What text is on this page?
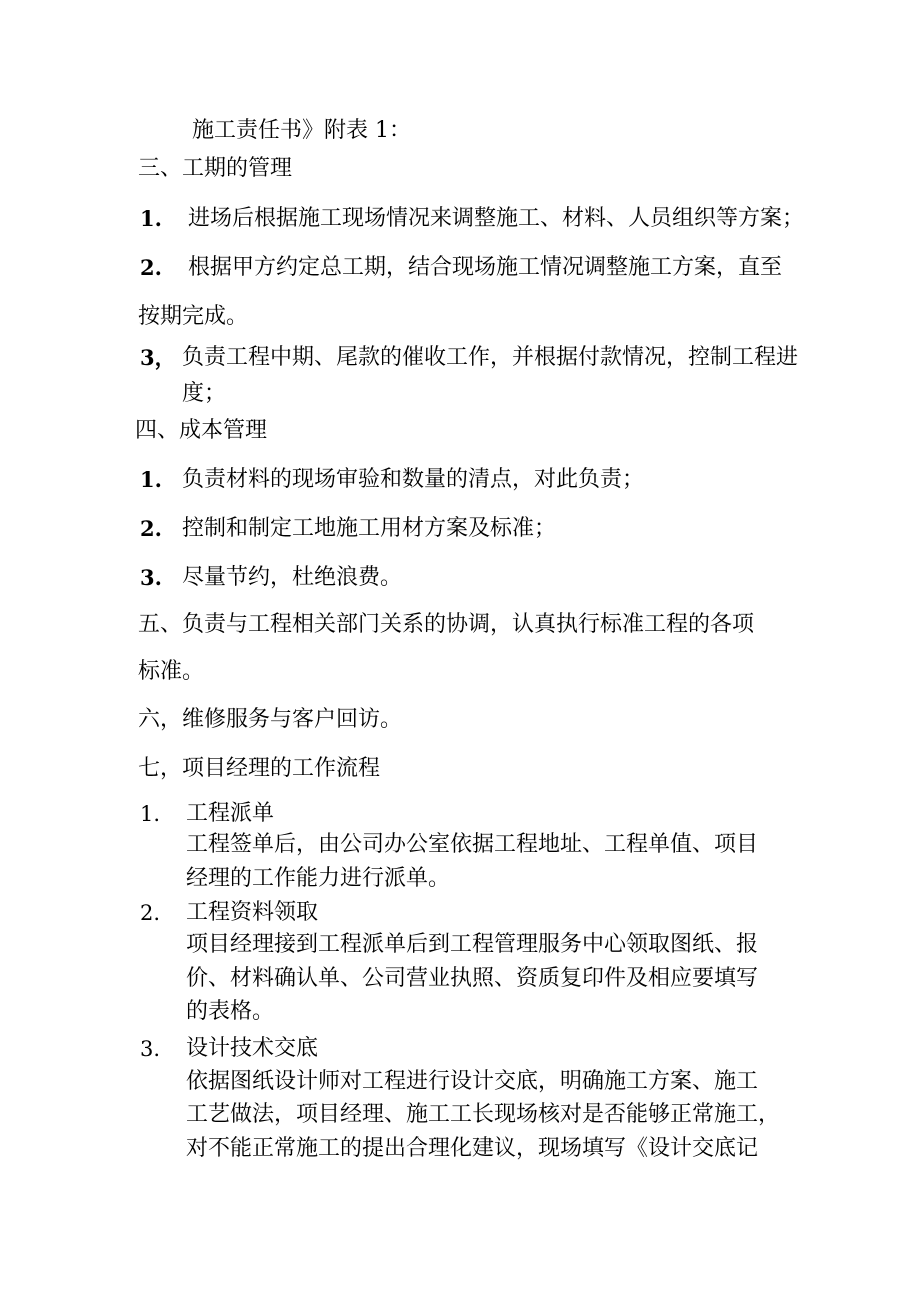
施工责任书》附表 1：
三、工期的管理
1. 进场后根据施工现场情况来调整施工、材料、人员组织等方案；
2. 根据甲方约定总工期，结合现场施工情况调整施工方案，直至
按期完成。
3， 负责工程中期、尾款的催收工作，并根据付款情况，控制工程进
度；
四、成本管理
1. 负责材料的现场审验和数量的清点，对此负责；
2. 控制和制定工地施工用材方案及标准；
3. 尽量节约，杜绝浪费。
五、负责与工程相关部门关系的协调，认真执行标准工程的各项
标准。
六，维修服务与客户回访。
七，项目经理的工作流程
1. 工程派单
工程签单后，由公司办公室依据工程地址、工程单值、项目
经理的工作能力进行派单。
2. 工程资料领取
项目经理接到工程派单后到工程管理服务中心领取图纸、报
价、材料确认单、公司营业执照、资质复印件及相应要填写
的表格。
3. 设计技术交底
依据图纸设计师对工程进行设计交底，明确施工方案、施工
工艺做法，项目经理、施工工长现场核对是否能够正常施工，
对不能正常施工的提出合理化建议，现场填写《设计交底记
